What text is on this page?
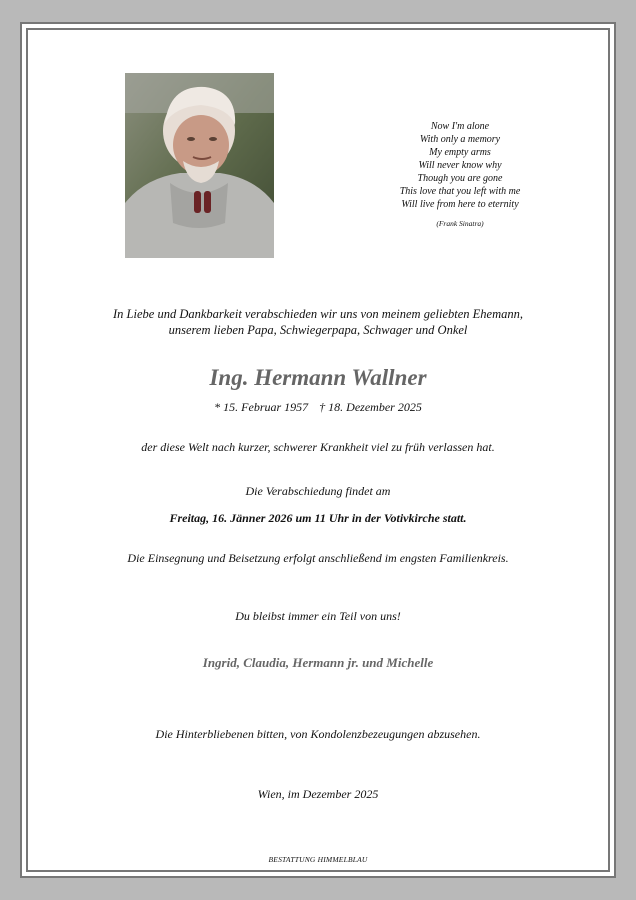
Now I'm alone
With only a memory
My empty arms
Will never know why
Though you are gone
This love that you left with me
Will live from here to eternity
(Frank Sinatra)
In Liebe und Dankbarkeit verabschieden wir uns von meinem geliebten Ehemann,
unserem lieben Papa, Schwiegerpapa, Schwager und Onkel
Ing. Hermann Wallner
* 15. Februar 1957 † 18. Dezember 2025
der diese Welt nach kurzer, schwerer Krankheit viel zu früh verlassen hat.
Die Verabschiedung findet am
Freitag, 16. Jänner 2026 um 11 Uhr in der Votivkirche statt.
Die Einsegnung und Beisetzung erfolgt anschließend im engsten Familienkreis.
Du bleibst immer ein Teil von uns!
Ingrid, Claudia, Hermann jr. und Michelle
Die Hinterbliebenen bitten, von Kondolenzbezeugungen abzusehen.
Wien, im Dezember 2025
BESTATTUNG HIMMELBLAU
